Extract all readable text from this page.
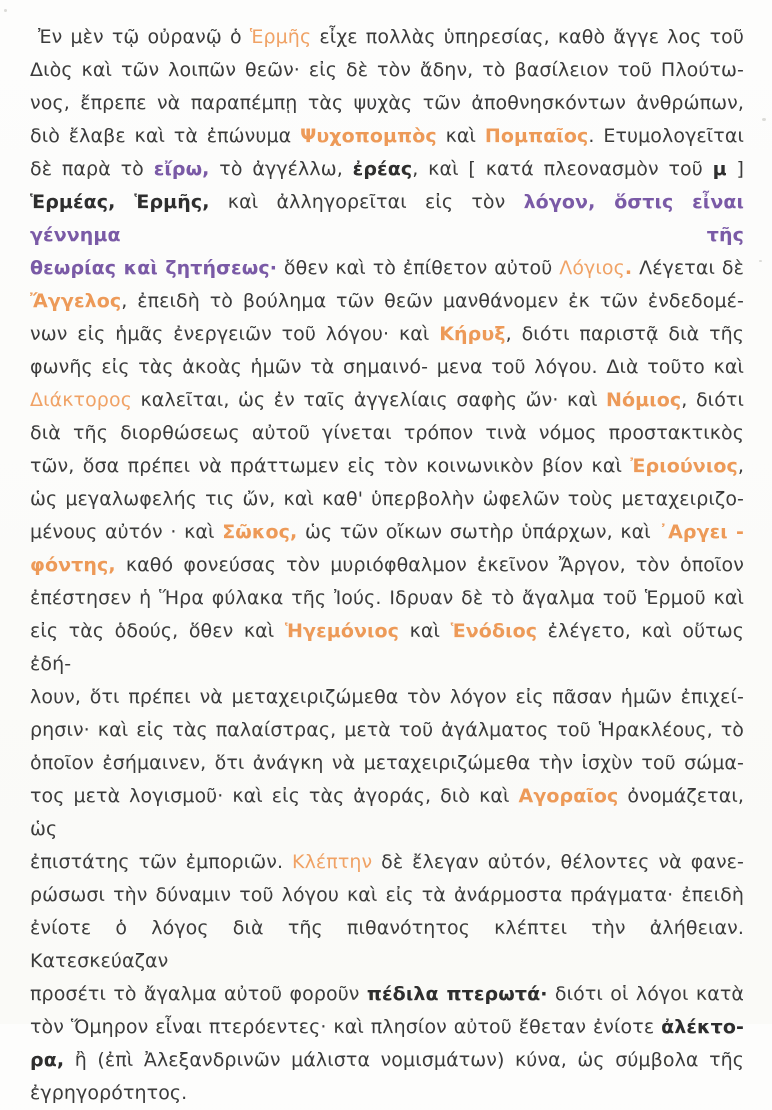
Ἐν μὲν τῷ οὐρανῷ ὁ Ἑρμῆς εἶχε πολλὰς ὑπηρεσίας, καθὸ ἄγγε λος τοῦ
Διὸς καὶ τῶν λοιπῶν θεῶν· εἰς δὲ τὸν ἄδην, τὸ βασίλειον τοῦ Πλούτω-
νος, ἔπρεπε νὰ παραπέμπῃ τὰς ψυχὰς τῶν ἀποθνησκόντων ἀνθρώπων,
διὸ ἔλαβε καὶ τὰ ἐπώνυμα Ψυχοπομπὸς καὶ Πομπαῖος. Ετυμολογεῖται
δὲ παρὰ τὸ εἴρω, τὸ ἀγγέλλω, ἐρέας, καὶ [ κατά πλεονασμὸν τοῦ μ ]
Ἑρμέας, Ἑρμῆς, καὶ ἀλληγορεῖται εἰς τὸν λόγον, ὅστις εἶναι γέννημα τῆς
θεωρίας καὶ ζητήσεως· ὅθεν καὶ τὸ ἐπίθετον αὐτοῦ Λόγιος. Λέγεται δὲ
Ἄγγελος, ἐπειδὴ τὸ βούλημα τῶν θεῶν μανθάνομεν ἐκ τῶν ἐνδεδομέ-
νων εἰς ἡμᾶς ἐνεργειῶν τοῦ λόγου· καὶ Κήρυξ, διότι παριστᾷ διὰ τῆς
φωνῆς εἰς τὰς ἀκοὰς ἡμῶν τὰ σημαινό- μενα τοῦ λόγου. Διὰ τοῦτο καὶ
Διάκτορος καλεῖται, ὡς ἐν ταῖς ἀγγελίαις σαφὴς ὤν· καὶ Νόμιος, διότι
διὰ τῆς διορθώσεως αὐτοῦ γίνεται τρόπον τινὰ νόμος προστακτικὸς
τῶν, ὅσα πρέπει νὰ πράττωμεν εἰς τὸν κοινωνικὸν βίον καὶ Ἐριούνιος,
ὡς μεγαλωφελής τις ὤν, καὶ καθ' ὑπερβολὴν ὠφελῶν τοὺς μεταχειριζο-
μένους αὐτόν · καὶ Σῶκος, ὡς τῶν οἴκων σωτὴρ ὑπάρχων, καὶ ᾿Αργει -
φόντης, καθό φονεύσας τὸν μυριόφθαλμον ἐκεῖνον Ἄργον, τὸν ὁποῖον
ἐπέστησεν ἡ Ἥρα φύλακα τῆς Ἰούς. Ιδρυαν δὲ τὸ ἄγαλμα τοῦ Ἑρμοῦ καὶ
εἰς τὰς ὁδούς, ὅθεν καὶ Ἡγεμόνιος καὶ Ἑνόδιος ἐλέγετο, καὶ οὕτως ἐδή-
λουν, ὅτι πρέπει νὰ μεταχειριζώμεθα τὸν λόγον εἰς πᾶσαν ἡμῶν ἐπιχεί-
ρησιν· καὶ εἰς τὰς παλαίστρας, μετὰ τοῦ ἀγάλματος τοῦ Ἡρακλέους, τὸ
ὁποῖον ἐσήμαινεν, ὅτι ἀνάγκη νὰ μεταχειριζώμεθα τὴν ἰσχὺν τοῦ σώμα-
τος μετὰ λογισμοῦ· καὶ εἰς τὰς ἀγοράς, διὸ καὶ Αγοραῖος ὀνομάζεται, ὡς
ἐπιστάτης τῶν ἐμποριῶν. Κλέπτην δὲ ἔλεγαν αὐτόν, θέλοντες νὰ φανε-
ρώσωσι τὴν δύναμιν τοῦ λόγου καὶ εἰς τὰ ἀνάρμοστα πράγματα· ἐπειδὴ
ἐνίοτε ὁ λόγος διὰ τῆς πιθανότητος κλέπτει τὴν ἀλήθειαν. Κατεσκεύαζαν
προσέτι τὸ ἄγαλμα αὐτοῦ φοροῦν πέδιλα πτερωτά· διότι οἱ λόγοι κατὰ
τὸν Ὅμηρον εἶναι πτερόεντες· καὶ πλησίον αὐτοῦ ἔθεταν ἐνίοτε ἀλέκτο-
ρα, ἢ (ἐπὶ Ἀλεξανδρινῶν μάλιστα νομισμάτων) κύνα, ὡς σύμβολα τῆς
ἐγρηγορότητος.
